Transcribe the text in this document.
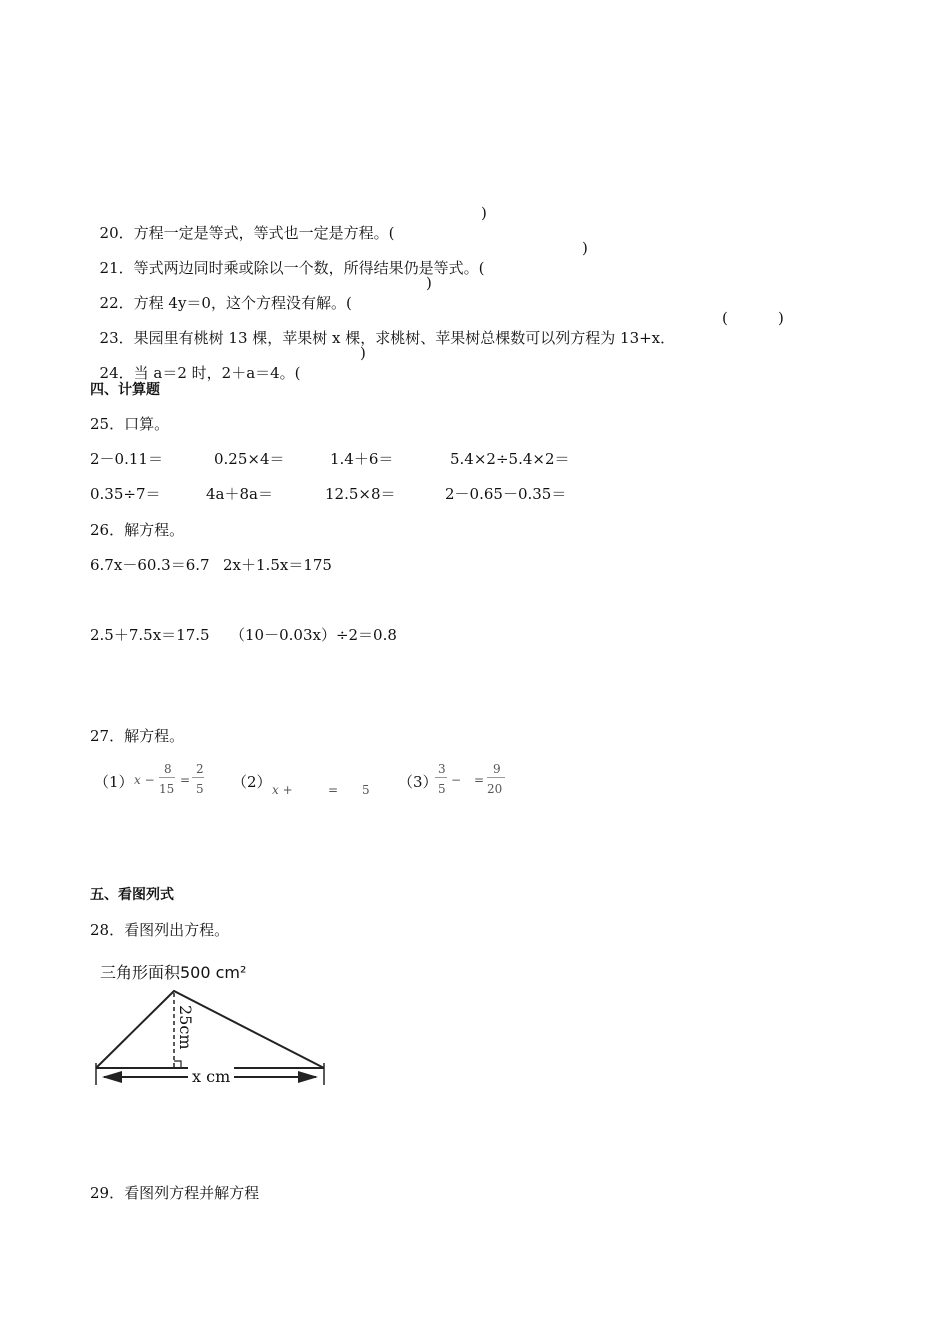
20．方程一定是等式，等式也一定是方程。(

)

21．等式两边同时乘或除以一个数，所得结果仍是等式。(

)

22．方程 4y＝0，这个方程没有解。(

)

23．果园里有桃树 13 棵，苹果树 x 棵，求桃树、苹果树总棵数可以列方程为 13+x．

(	)

24．当 a＝2 时，2＋a＝4。(

)
四、计算题
25．口算。
2－0.11＝	0.25×4＝	1.4＋6＝	5.4×2÷5.4×2＝
0.35÷7＝	4a＋8a＝	12.5×8＝	2－0.65－0.35＝
26．解方程。
6.7x－60.3＝6.7 2x＋1.5x＝175
2.5＋7.5x＝17.5 （10－0.03x）÷2＝0.8
27．解方程。
（1） x −
8
15
=
2
5 （2） x +	= 5 （3）
3
5
− =
9
20
五、看图列式
28．看图列出方程。
三角形面积500 cm²
x cm
25cm
29．看图列方程并解方程
